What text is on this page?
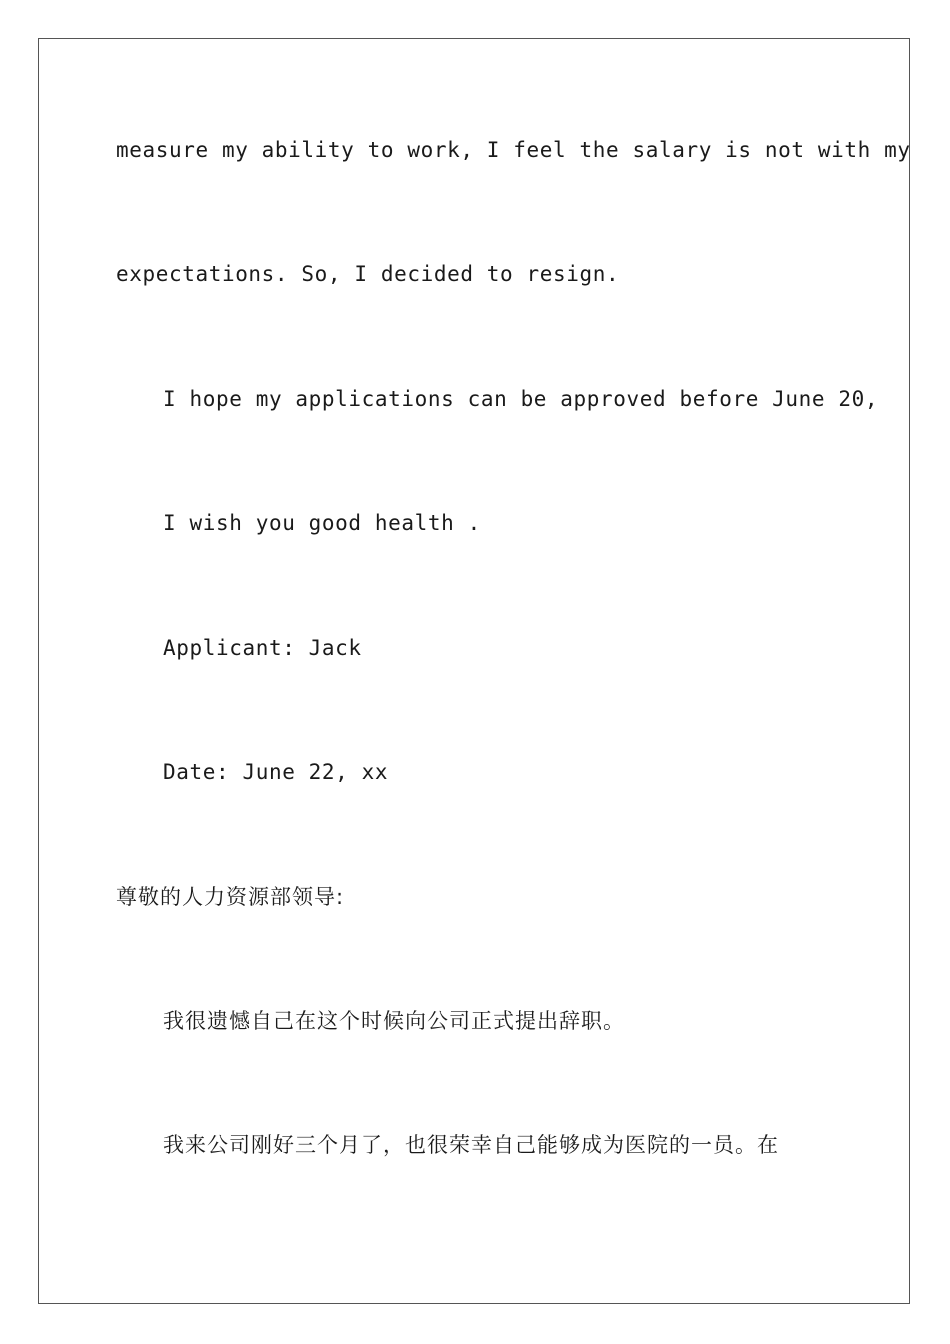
measure my ability to work, I feel the salary is not with my
expectations. So, I decided to resign.
I hope my applications can be approved before June 20,
I wish you good health .
Applicant: Jack
Date: June 22, xx
尊敬的人力资源部领导:
我很遗憾自己在这个时候向公司正式提出辞职。
我来公司刚好三个月了，也很荣幸自己能够成为医院的一员。在
